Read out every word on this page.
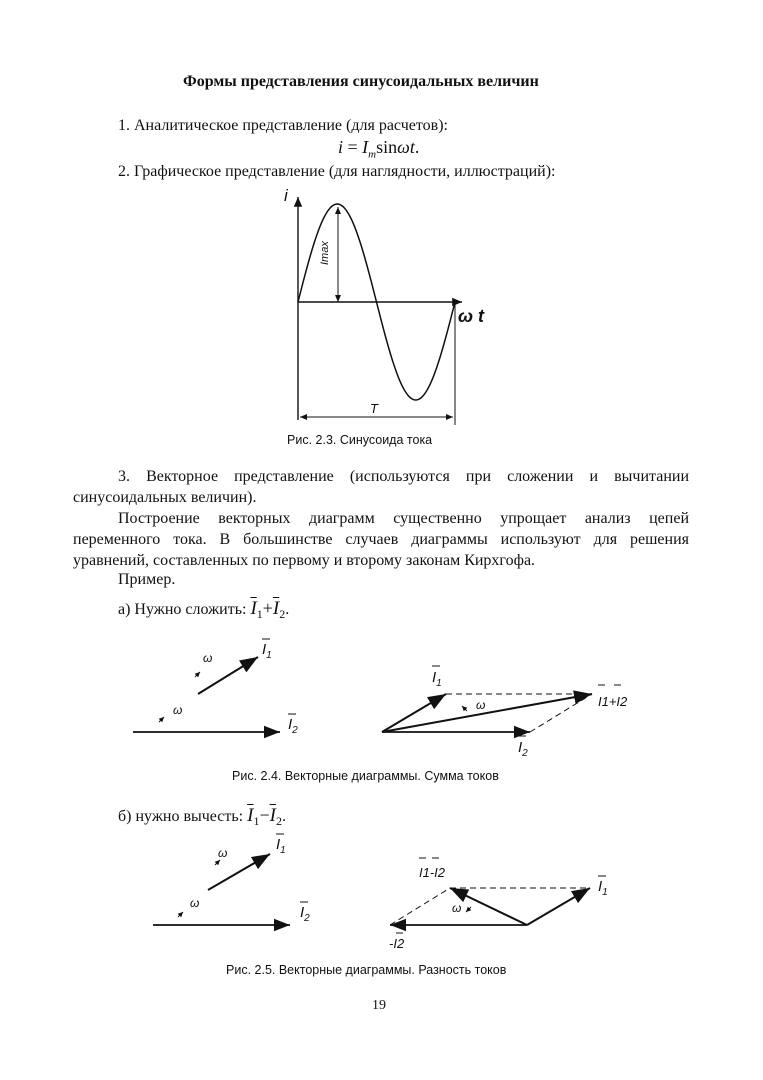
Формы представления синусоидальных величин
1. Аналитическое представление (для расчетов):
$i = I_m\sin\omega t$.
2. Графическое представление (для наглядности, иллюстраций):
i
ω t
Imax
T
Рис. 2.3. Синусоида тока
3. Векторное представление (используются при сложении и вычитании синусоидальных величин).
Построение векторных диаграмм существенно упрощает анализ цепей переменного тока. В большинстве случаев диаграммы используют для решения уравнений, составленных по первому и второму законам Кирхгофа.
Пример.
а) Нужно сложить: $\overline{I}_1+\overline{I}_2$.
ω	$I_1$
ω
$I_2$
ω
$I_1$
$I_2$
I1+I2
Рис. 2.4. Векторные диаграммы. Сумма токов
б) нужно вычесть: $\overline{I}_1-\overline{I}_2$.
ω	$I_1$
ω
$I_2$
ω
$I_1$
I1-I2
-I2
Рис. 2.5. Векторные диаграммы. Разность токов
19
